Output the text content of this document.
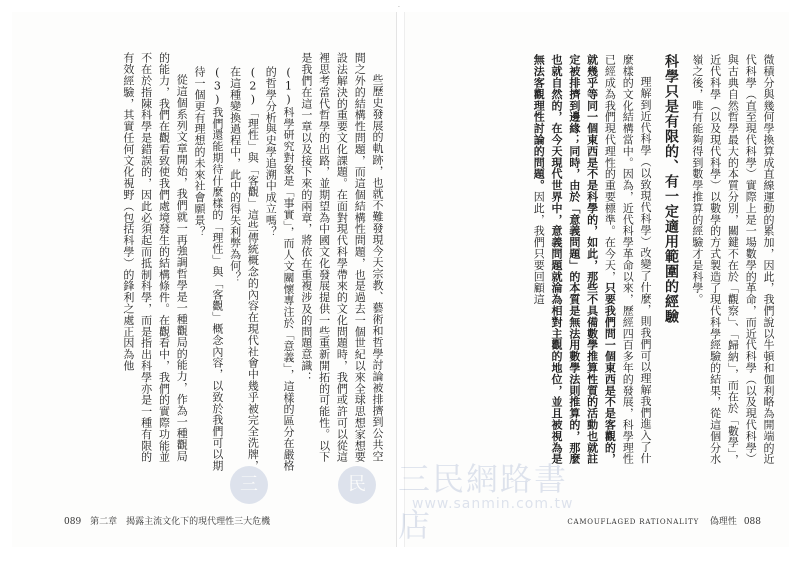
·

些歷史發展的軌跡，也就不難發現今天宗教、藝術和哲學討論被排擠到公共空間之外的結構性問題，而這個結構性問題，也是過去一個世紀以來全球思想家想要設法解決的重要文化課題。在面對現代科學帶來的文化問題時，我們或許可以從這裡思考當代哲學的出路，並期望為中國文化發展提供一些重新開拓的可能性。以下是我們在這一章以及接下來的兩章，將依在重複涉及的問題意識：

(1)科學研究對象是「事實」，而人文關懷專注於「意義」，這樣的區分在嚴格的哲學分析與史學追溯中成立嗎？

(2)「理性」與「客觀」這些傳統概念的內容在現代社會中幾乎被完全洗牌，在這種變換過程中，此中的得失利弊為何？

(3)我們還能期待什麼樣的「理性」與「客觀」概念內容，以致於我們可以期待一個更有理想的未來社會願景？

從這個系列文章開始，我們就一再強調哲學是一種觀局的能力，作為一種觀局的能力，我們在觀看致使我們處境發生的結構條件。在觀看中，我們的實際功能並不在於指陳科學是錯誤的，因此必須起而抵制科學，而是指出科學亦是一種有限的有效經驗，其實任何文化視野（包括科學）的鋒利之處正因為他

089 第二章　揭露主流文化下的現代理性三大危機

微積分與幾何學換算成直線運動的累加，因此，我們說以牛頓和伽利略為開端的近代科學（直至現代科學）實際上是一場數學的革命，而近代科學（以及現代科學）與古典自然哲學最大的本質分別，關鍵不在於「觀察」、「歸納」，而在於「數學」，近代科學（以及現代科學）以數學的方式製造了現代科學經驗的結果，從這個分水嶺之後，唯有能夠得到數學推算的經驗才是科學。

科學只是有限的、有一定適用範圍的經驗

理解到近代科學（以致現代科學）改變了什麼，則我們可以理解我們進入了什麼樣的文化結構當中。因為，近代科學革命以來，歷經四百多年的發展，科學理性已經成為我們現代理性的重要標準。在今天，只要我們問一個東西是不是客觀的，就幾乎等同一個東西是不是科學的，如此，那些不具備數學推算性質的活動也就註定被排擠到邊緣；同時，由於「意義問題」的本質是無法用數學法則推算的，那麼也就自然的，在今天現代世界中，意義問題就淪為相對主觀的地位，並且被視為是無法客觀理性討論的問題。因此，我們只要回顧這

CAMOUFLAGED RATIONALITY 偽理性 088
三	民	三民網路書店
www.sanmin.com.tw
